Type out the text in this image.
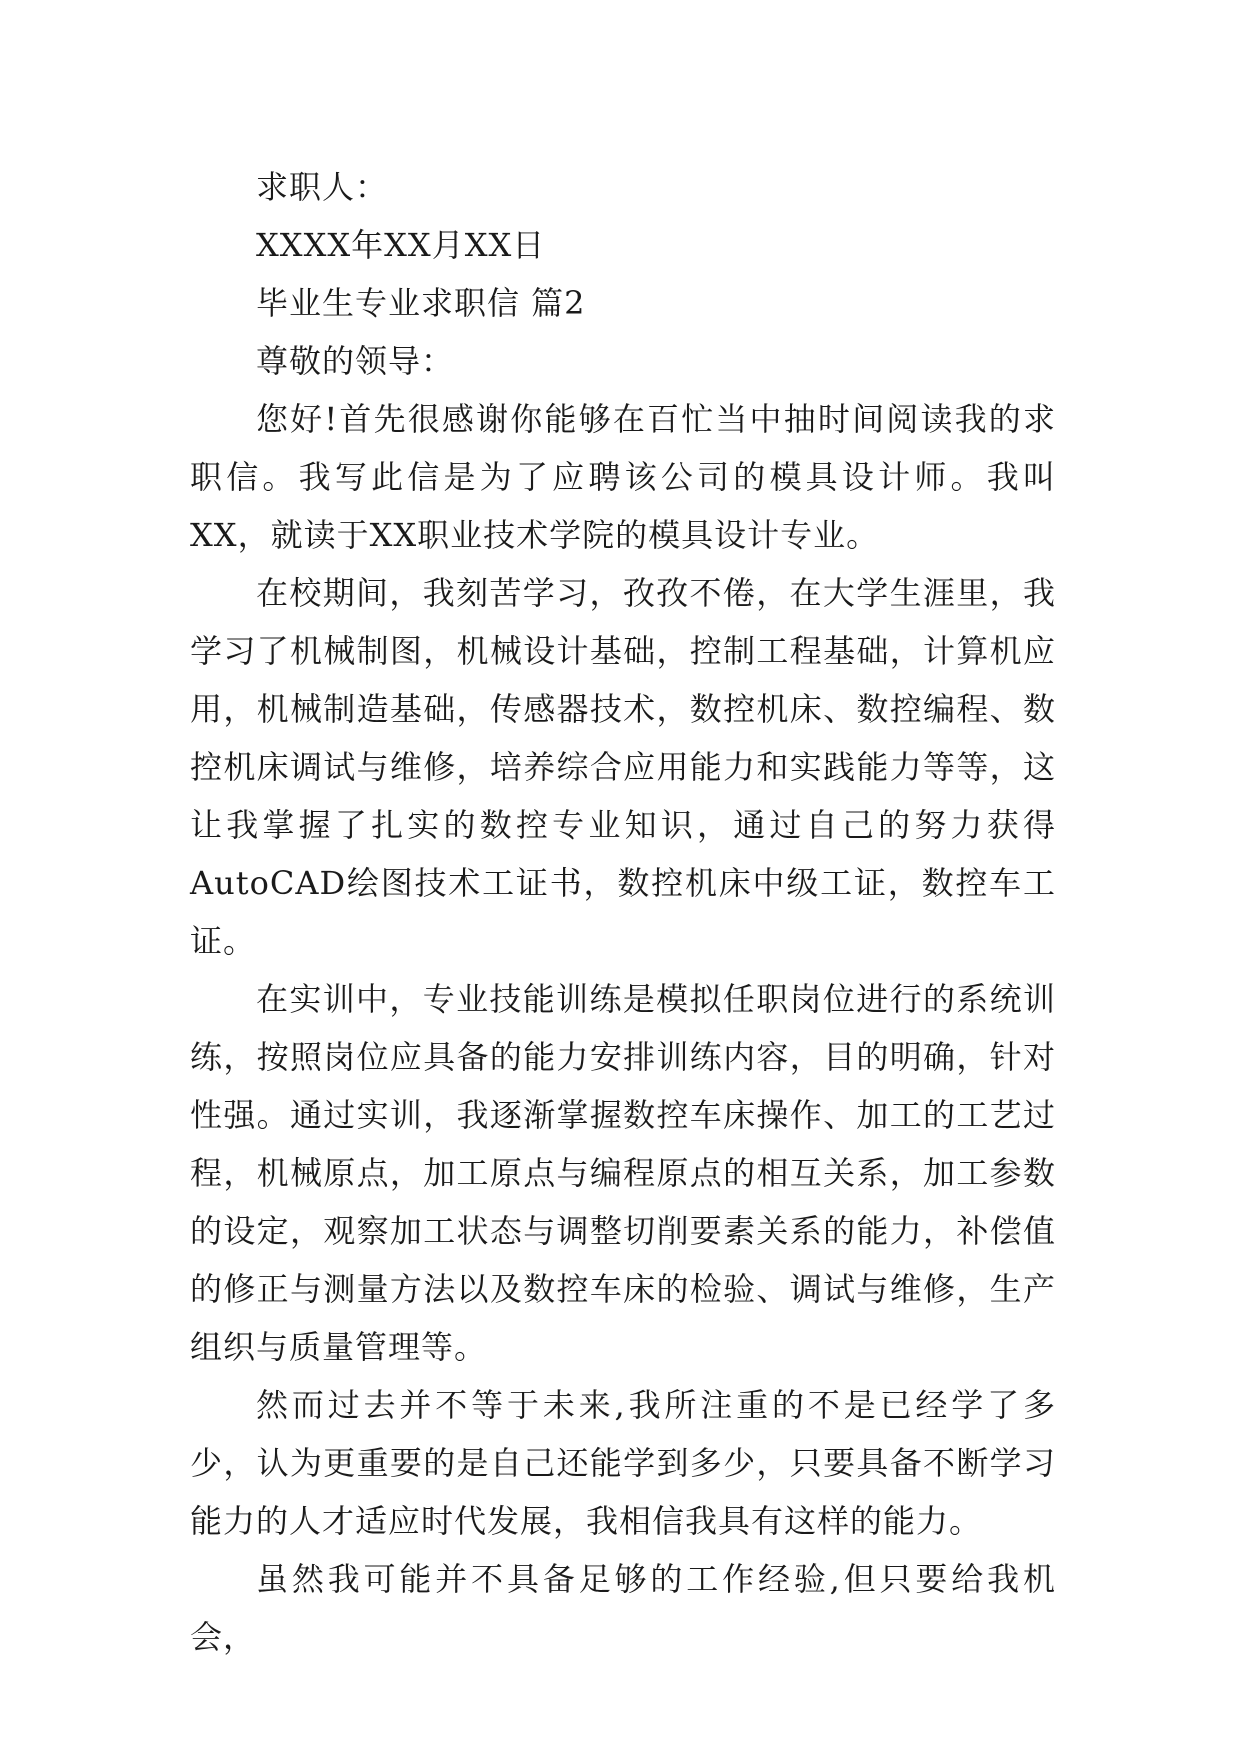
求职人：

XXXX年XX月XX日

毕业生专业求职信 篇2

尊敬的领导：

您好!首先很感谢你能够在百忙当中抽时间阅读我的求职信。我写此信是为了应聘该公司的模具设计师。我叫XX，就读于XX职业技术学院的模具设计专业。

在校期间，我刻苦学习，孜孜不倦，在大学生涯里，我学习了机械制图，机械设计基础，控制工程基础，计算机应用，机械制造基础，传感器技术，数控机床、数控编程、数控机床调试与维修，培养综合应用能力和实践能力等等，这让我掌握了扎实的数控专业知识，通过自己的努力获得AutoCAD绘图技术工证书，数控机床中级工证，数控车工证。

在实训中，专业技能训练是模拟任职岗位进行的系统训练，按照岗位应具备的能力安排训练内容，目的明确，针对性强。通过实训，我逐渐掌握数控车床操作、加工的工艺过程，机械原点，加工原点与编程原点的相互关系，加工参数的设定，观察加工状态与调整切削要素关系的能力，补偿值的修正与测量方法以及数控车床的检验、调试与维修，生产组织与质量管理等。

然而过去并不等于未来,我所注重的不是已经学了多少，认为更重要的是自己还能学到多少，只要具备不断学习能力的人才适应时代发展，我相信我具有这样的能力。

虽然我可能并不具备足够的工作经验,但只要给我机会，
